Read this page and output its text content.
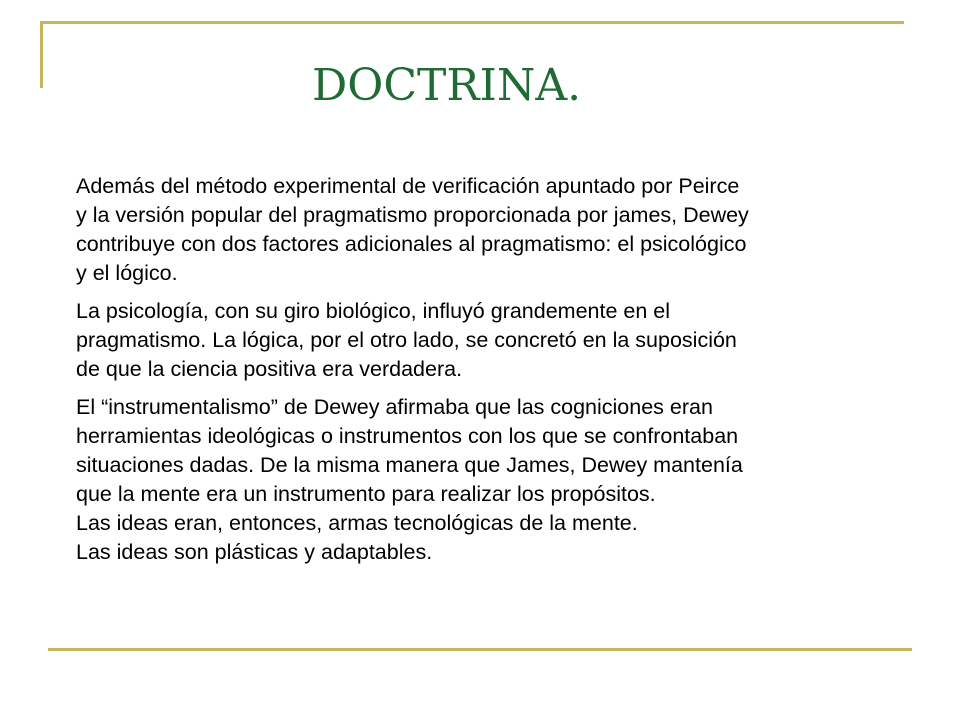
DOCTRINA.

Además del método experimental de verificación apuntado por Peirce
y la versión popular del pragmatismo proporcionada por james, Dewey
contribuye con dos factores adicionales al pragmatismo: el psicológico
y el lógico.

La psicología, con su giro biológico, influyó grandemente en el
pragmatismo. La lógica, por el otro lado, se concretó en la suposición
de que la ciencia positiva era verdadera.

El “instrumentalismo” de Dewey afirmaba que las cogniciones eran
herramientas ideológicas o instrumentos con los que se confrontaban
situaciones dadas. De la misma manera que James, Dewey mantenía
que la mente era un instrumento para realizar los propósitos.
Las ideas eran, entonces, armas tecnológicas de la mente.
Las ideas son plásticas y adaptables.
